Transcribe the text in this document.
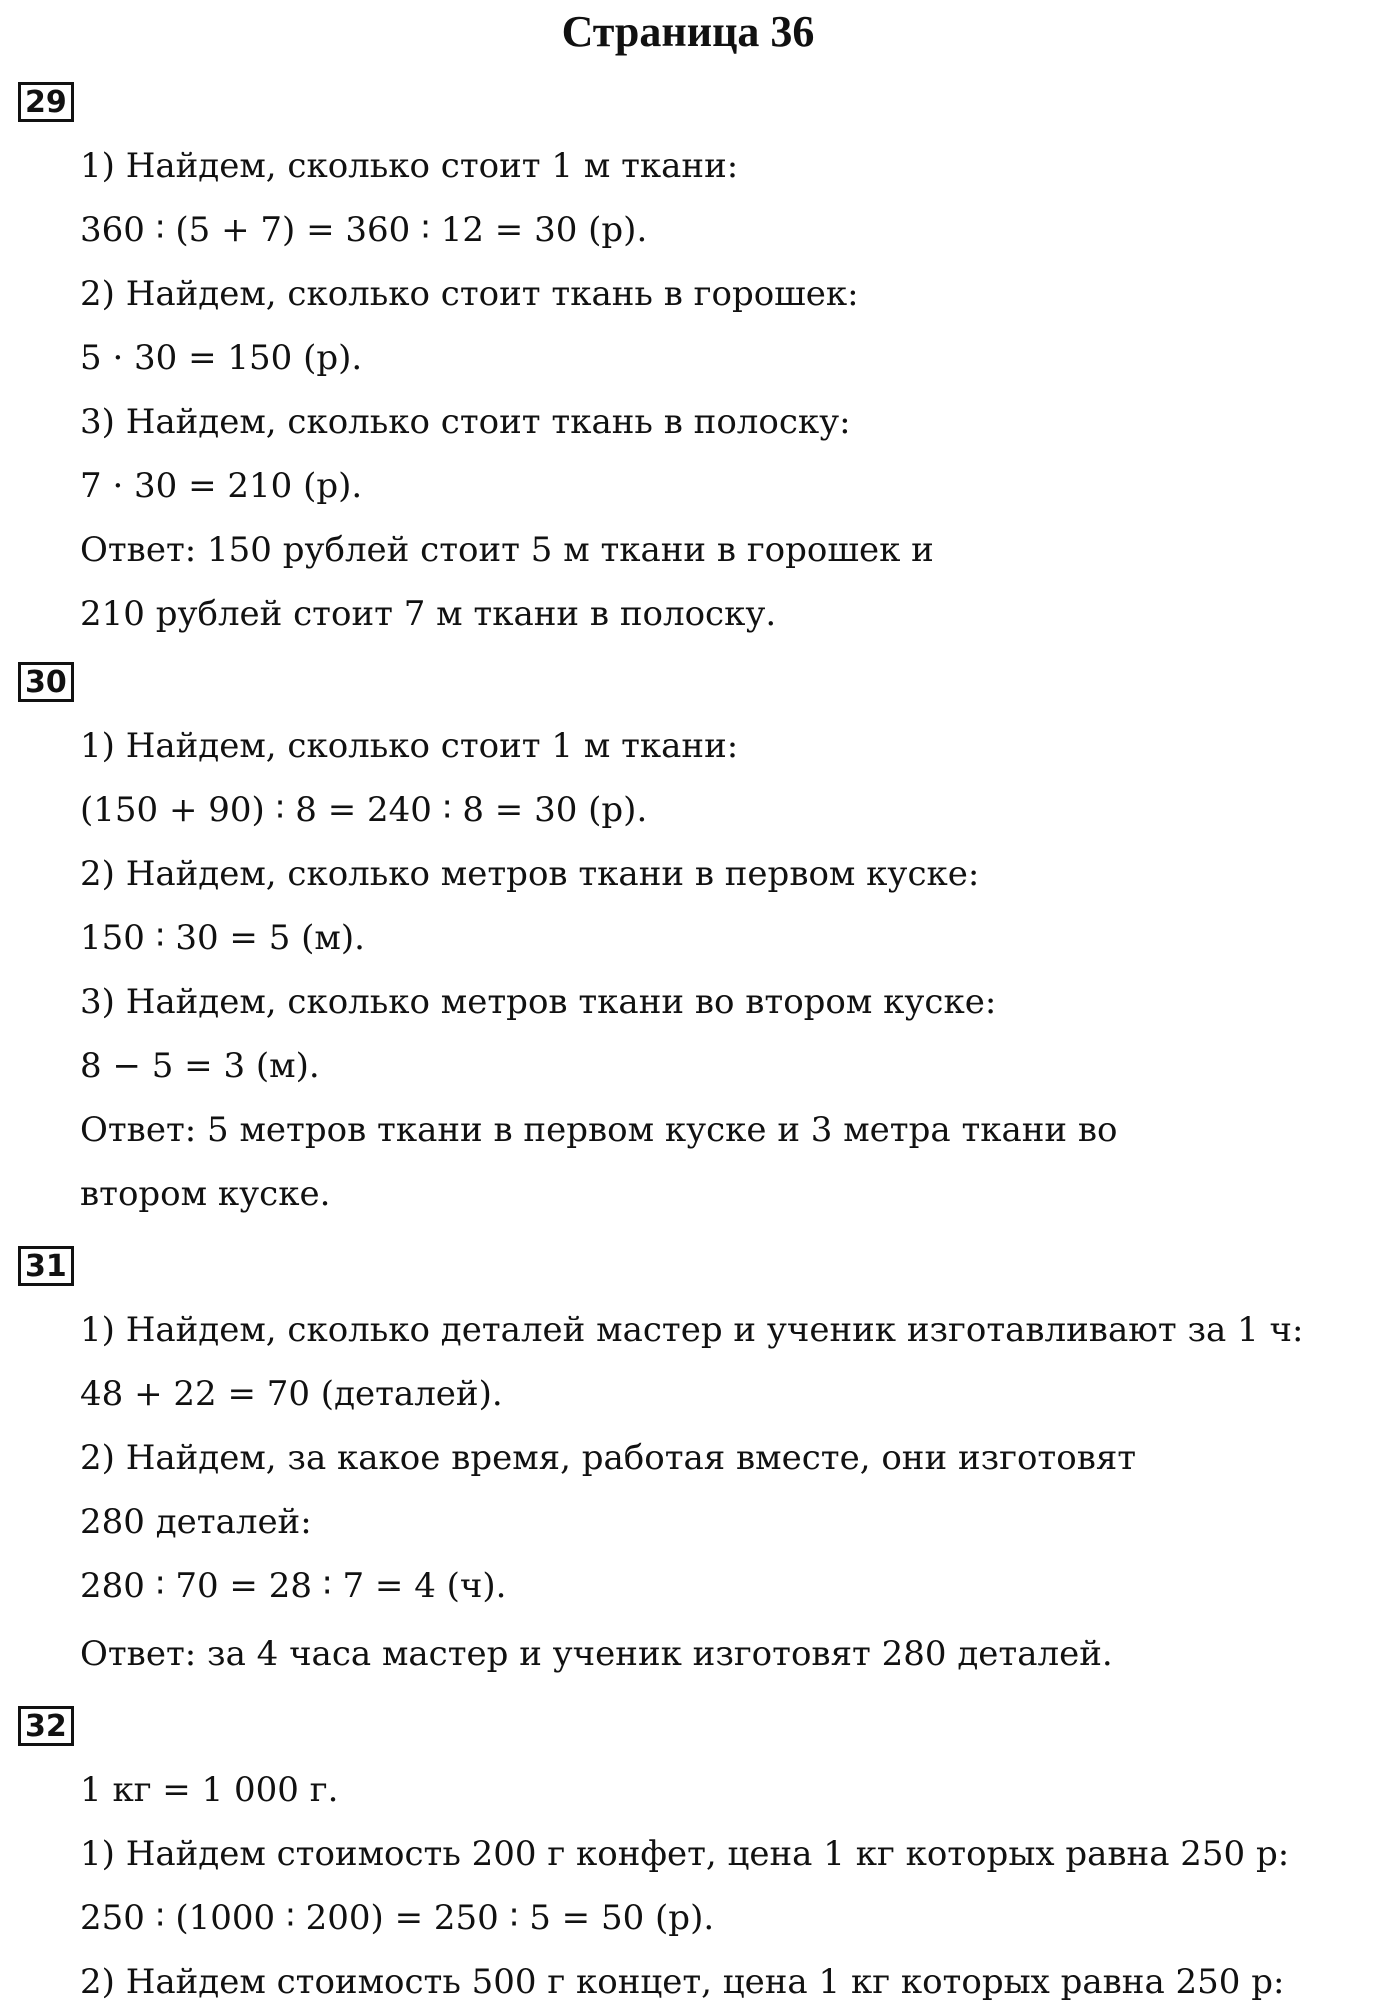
Страница 36
29
1) Найдем, сколько стоит 1 м ткани:
360 ∶ (5 + 7) = 360 ∶ 12 = 30 (р).
2) Найдем, сколько стоит ткань в горошек:
5 · 30 = 150 (р).
3) Найдем, сколько стоит ткань в полоску:
7 · 30 = 210 (р).
Ответ: 150 рублей стоит 5 м ткани в горошек и
210 рублей стоит 7 м ткани в полоску.
30
1) Найдем, сколько стоит 1 м ткани:
(150 + 90) ∶ 8 = 240 ∶ 8 = 30 (р).
2) Найдем, сколько метров ткани в первом куске:
150 ∶ 30 = 5 (м).
3) Найдем, сколько метров ткани во втором куске:
8 − 5 = 3 (м).
Ответ: 5 метров ткани в первом куске и 3 метра ткани во
втором куске.
31
1) Найдем, сколько деталей мастер и ученик изготавливают за 1 ч:
48 + 22 = 70 (деталей).
2) Найдем, за какое время, работая вместе, они изготовят
280 деталей:
280 ∶ 70 = 28 ∶ 7 = 4 (ч).
Ответ: за 4 часа мастер и ученик изготовят 280 деталей.
32
1 кг = 1 000 г.
1) Найдем стоимость 200 г конфет, цена 1 кг которых равна 250 р:
250 ∶ (1000 ∶ 200) = 250 ∶ 5 = 50 (р).
2) Найдем стоимость 500 г концет, цена 1 кг которых равна 250 р:
